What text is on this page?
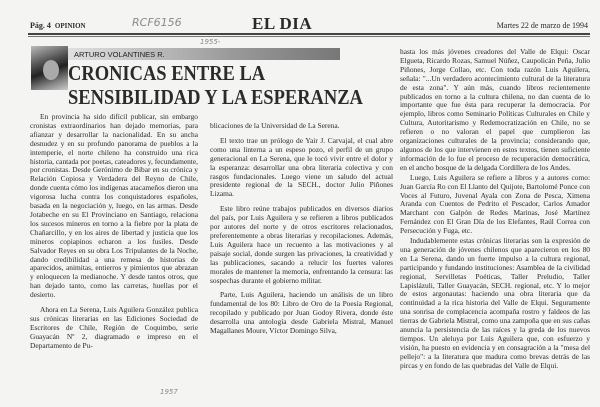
Pág. 4 OPINION	RCF6156	EL DIA	Martes 22 de marzo de 1994
ARTURO VOLANTINES R.
1955-
CRONICAS ENTRE LA
SENSIBILIDAD Y LA ESPERANZA

En provincia ha sido difícil publicar, sin embargo cronistas extraordinarios han dejado memorias, para afianzar y desarrollar la nacionalidad. En su ancha desnudez y en su profundo panorama de pueblos a la intemperie, el norte chileno ha construido una rica historia, cantada por poetas, cateadores y, fecundamente, por cronistas. Desde Gerónimo de Bibar en su crónica y Relación Copiosa y Verdadera del Reyno de Chile, donde cuenta cómo los indígenas atacameños dieron una vigorosa lucha contra los conquistadores españoles, basada en la negociación y, luego, en las armas. Desde Jotabeche en su El Provinciano en Santiago, relaciona los sucesos mineros en torno a la fiebre por la plata de Chañarcillo, y en los aires de libertad y justicia que los mineros copiapinos echaron a los fusiles. Desde Salvador Reyes en su obra Los Tripulantes de la Noche, dando credibilidad a una remesa de historias de aparecidos, animitas, entierros y pimientos que abrazan y enloquecen la medianoche. Y desde tantos otros, que han dejado tanto, como las carretas, huellas por el desierto.

Ahora en La Serena, Luis Aguilera González publica sus crónicas literarias en las Ediciones Sociedad de Escritores de Chile, Región de Coquimbo, serie Guayacán Nº 2, diagramado e impreso en el Departamento de Pu-

1957

blicaciones de la Universidad de La Serena.

El texto trae un prólogo de Yair J. Carvajal, el cual abre como una linterna a un espeso pozo, el perfil de un grupo generacional en La Serena, que le tocó vivir entre el dolor y la esperanza: desarrollar una obra literaria colectiva y con rasgos fundacionales. Luego viene un saludo del actual presidente regional de la SECH., doctor Julio Piñones Lizama.

Este libro reúne trabajos publicados en diversos diarios del país, por Luis Aguilera y se refieren a libros publicados por autores del norte y de otros escritores relacionados, preferentemente a obras literarias y recopilaciones. Además, Luis Aguilera hace un recuento a las motivaciones y al paisaje social, donde surgen las privaciones, la creatividad y las publicaciones, sacando a relucir los fuertes valores morales de mantener la memoria, enfrentando la censura: las sospechas durante el gobierno militar.

Parte, Luis Aguilera, haciendo un análisis de un libro fundamental de los 80: Libro de Oro de la Poesía Regional, recopilado y publicado por Juan Godoy Rivera, donde éste desarrolla una antología desde Gabriela Mistral, Manuel Magallanes Moure, Víctor Domingo Silva,

hasta los más jóvenes creadores del Valle de Elqui: Oscar Elgueta, Ricardo Rozas, Samuel Núñez, Caupolicán Peña, Julio Piñones, Jorge Collao, etc. Con toda razón Luis Aguilera, señala: "...Un verdadero acontecimiento cultural de la literatura de esta zona". Y aún más, cuando libros recientemente publicados en torno a la cultura chilena, no dan cuenta de lo importante que fue ésta para recuperar la democracia. Por ejemplo, libros como Seminario Políticas Culturales en Chile y Cultura, Autoritarismo y Redemocratización en Chile, no se refieren o no valoran el papel que cumplieron las organizaciones culturales de la provincia; considerando que, algunos de los que intervienen en estos textos, tienen suficiente información de lo fue el proceso de recuperación democrática, en el ancho bosque de la delgada Cordillera de los Andes.

Luego, Luis Aguilera se refiere a libros y a autores como: Juan García Ro con El Llanto del Quijote, Bartolomé Ponce con Voces al Futuro, Juvenal Ayala con Zona de Pesca, Ximena Aranda con Cuentos de Pedrito el Pescador, Carlos Amador Marchant con Galpón de Redes Marinas, José Martínez Fernández con El Gran Día de los Elefantes, Raúl Correa con Persecución y Fuga, etc.

Indudablemente estas crónicas literarias son la expresión de una generación de jóvenes chilenos que aparecieron en los 80 en La Serena, dando un fuerte impulso a la cultura regional, participando y fundando instituciones: Asamblea de la civilidad regional, Servilletas Poéticas, Taller Preludio, Taller Lapislázuli, Taller Guayacán, SECH. regional, etc. Y lo mejor de estos argonautas: haciendo una obra literaria que da continuidad a la rica historia del Valle de Elqui. Seguramente una sonrisa de complacencia acompaña rostro y faldeos de las tierras de Gabriela Mistral, como una zampoña que en sus cañas anuncia la persistencia de las raíces y la greda de los nuevos tiempos. Un aleluya por Luis Aguilera que, con esfuerzo y visión, ha puesto en evidencia y en consagración a la "mesa del pellejo": a la literatura que madura como brevas detrás de las pircas y en fondo de las quebradas del Valle de Elqui.
